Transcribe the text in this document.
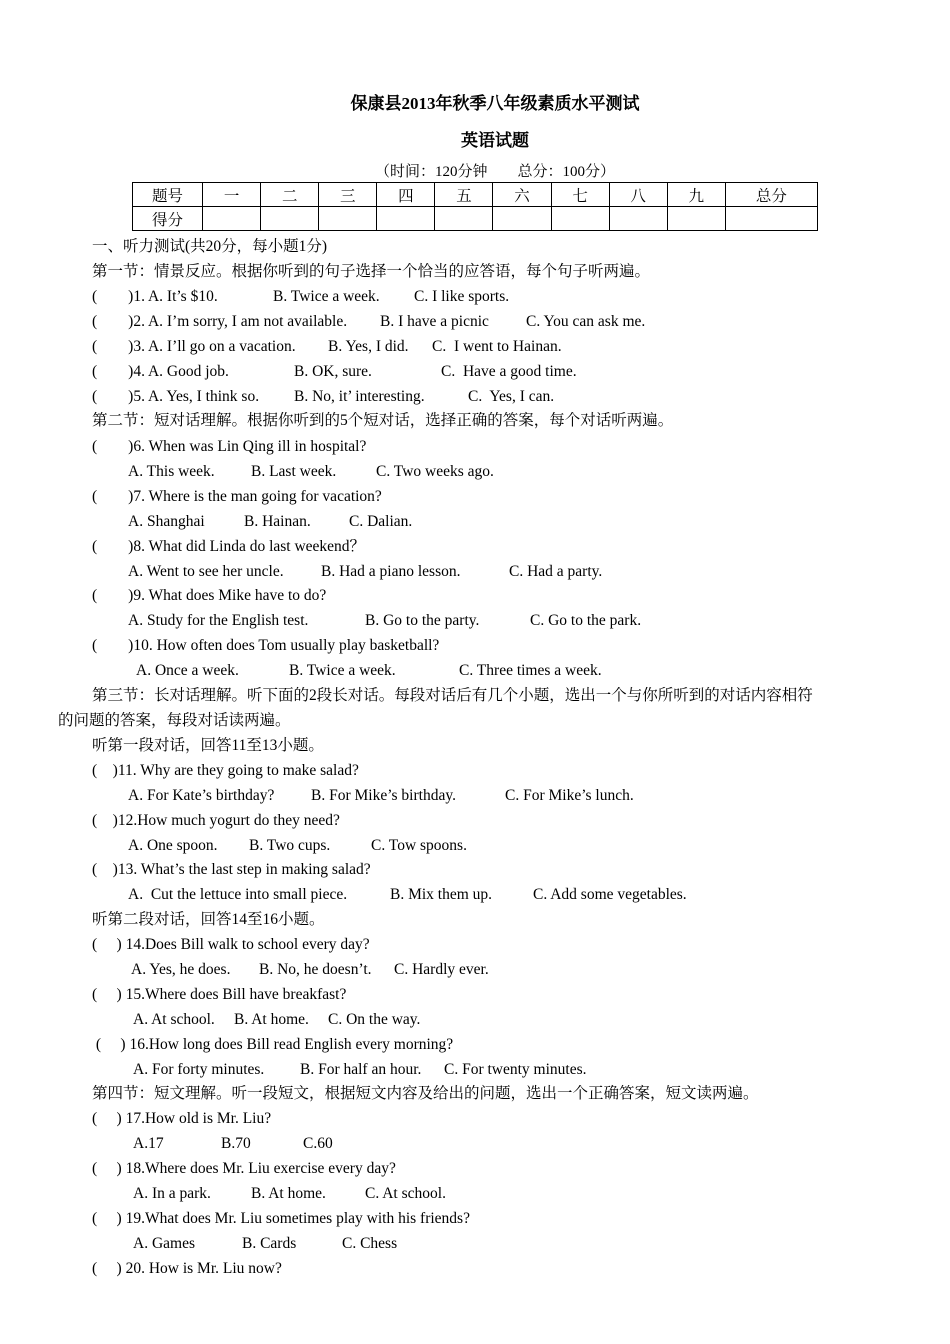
保康县2013年秋季八年级素质水平测试
英语试题
（时间：120分钟　　总分：100分）
题号	一	二	三	四	五	六	七	八	九	总分
得分										
一、听力测试(共20分，每小题1分)
第一节：情景反应。根据你听到的句子选择一个恰当的应答语，每个句子听两遍。
(　　)1. A. It’s $10.	B. Twice a week. C. I like sports.
(　　)2. A. I’m sorry, I am not available. B. I have a picnic C. You can ask me.
(　　)3. A. I’ll go on a vacation. B. Yes, I did. C.  I went to Hainan.
(　　)4. A. Good job.	B. OK, sure.	C.  Have a good time.
(　　)5. A. Yes, I think so. B. No, it’ interesting.	C.  Yes, I can.
第二节：短对话理解。根据你听到的5个短对话，选择正确的答案，每个对话听两遍。
(　　)6. When was Lin Qing ill in hospital?
A. This week. B. Last week.	C. Two weeks ago.
(　　)7. Where is the man going for vacation?
A. Shanghai	B. Hainan. C. Dalian.
(　　)8. What did Linda do last weekend？
A. Went to see her uncle. B. Had a piano lesson.	C. Had a party.
(　　)9. What does Mike have to do?
A. Study for the English test.	B. Go to the party.	C. Go to the park.
(　　)10. How often does Tom usually play basketball?
A. Once a week.	B. Twice a week.	C. Three times a week.
第三节：长对话理解。听下面的2段长对话。每段对话后有几个小题，选出一个与你所听到的对话内容相符
的问题的答案，每段对话读两遍。
听第一段对话，回答11至13小题。
(　)11. Why are they going to make salad?
A. For Kate’s birthday? B. For Mike’s birthday.	C. For Mike’s lunch.
(　)12.How much yogurt do they need?
A. One spoon. B. Two cups.	C. Tow spoons.
(　)13. What’s the last step in making salad?
A.  Cut the lettuce into small piece.	B. Mix them up.	C. Add some vegetables.
听第二段对话，回答14至16小题。
(　 ) 14.Does Bill walk to school every day?
A. Yes, he does. B. No, he doesn’t. C. Hardly ever.
(　 ) 15.Where does Bill have breakfast?
A. At school. B. At home. C. On the way.
(　 ) 16.How long does Bill read English every morning?
A. For forty minutes. B. For half an hour. C. For twenty minutes.
第四节：短文理解。听一段短文，根据短文内容及给出的问题，选出一个正确答案，短文读两遍。
(　 ) 17.How old is Mr. Liu?
A.17	B.70	C.60
(　 ) 18.Where does Mr. Liu exercise every day?
A. In a park.	B. At home.	C. At school.
(　 ) 19.What does Mr. Liu sometimes play with his friends?
A. Games	B. Cards	C. Chess
(　 ) 20. How is Mr. Liu now?
